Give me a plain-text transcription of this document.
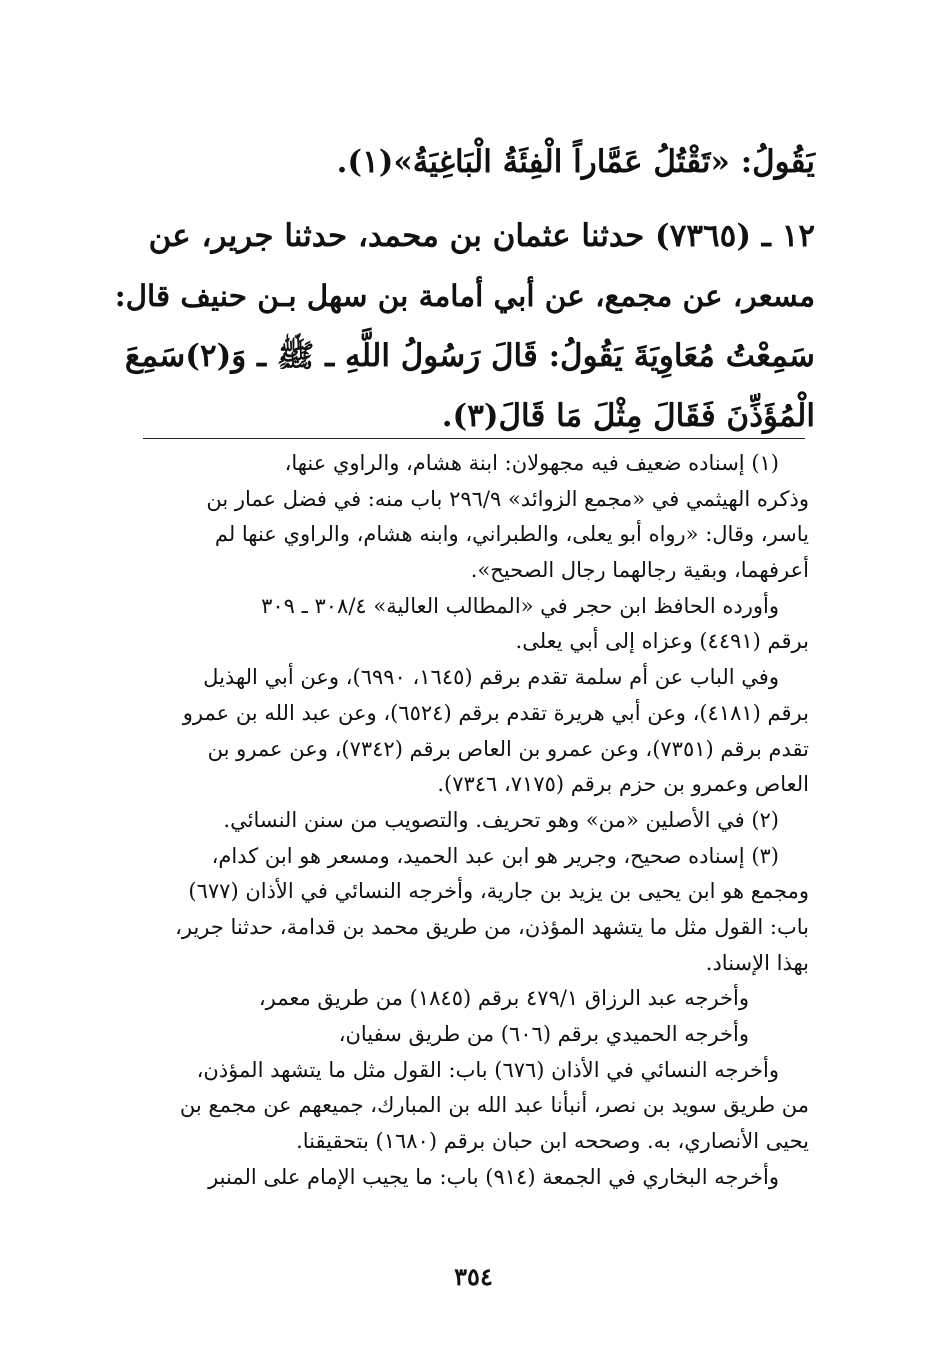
يَقُولُ: «تَقْتُلُ عَمَّاراً الْفِئَةُ الْبَاغِيَةُ»(١).

١٢ ـ (٧٣٦٥) حدثنا عثمان بن محمد، حدثنا جرير، عن

مسعر، عن مجمع، عن أبي أمامة بن سهل بـن حنيف قال:

سَمِعْتُ مُعَاوِيَةَ يَقُولُ: قَالَ رَسُولُ اللَّهِ ـ ﷺ ـ وَ(٢)سَمِعَ

الْمُؤَذِّنَ فَقَالَ مِثْلَ مَا قَالَ(٣).

(١) إسناده ضعيف فيه مجهولان: ابنة هشام، والراوي عنها،

وذكره الهيثمي في «مجمع الزوائد» ٢٩٦/٩ باب منه: في فضل عمار بن

ياسر، وقال: «رواه أبو يعلى، والطبراني، وابنه هشام، والراوي عنها لم

أعرفهما، وبقية رجالهما رجال الصحيح».

وأورده الحافظ ابن حجر في «المطالب العالية» ٣٠٨/٤ ـ ٣٠٩

برقم (٤٤٩١) وعزاه إلى أبي يعلى.

وفي الباب عن أم سلمة تقدم برقم (١٦٤٥، ٦٩٩٠)، وعن أبي الهذيل

برقم (٤١٨١)، وعن أبي هريرة تقدم برقم (٦٥٢٤)، وعن عبد الله بن عمرو

تقدم برقم (٧٣٥١)، وعن عمرو بن العاص برقم (٧٣٤٢)، وعن عمرو بن

العاص وعمرو بن حزم برقم (٧١٧٥، ٧٣٤٦).

(٢) في الأصلين «من» وهو تحريف. والتصويب من سنن النسائي.

(٣) إسناده صحيح، وجرير هو ابن عبد الحميد، ومسعر هو ابن كدام،

ومجمع هو ابن يحيى بن يزيد بن جارية، وأخرجه النسائي في الأذان (٦٧٧)

باب: القول مثل ما يتشهد المؤذن، من طريق محمد بن قدامة، حدثنا جرير،

بهذا الإسناد.

وأخرجه عبد الرزاق ٤٧٩/١ برقم (١٨٤٥) من طريق معمر،

وأخرجه الحميدي برقم (٦٠٦) من طريق سفيان،

وأخرجه النسائي في الأذان (٦٧٦) باب: القول مثل ما يتشهد المؤذن،

من طريق سويد بن نصر، أنبأنا عبد الله بن المبارك، جميعهم عن مجمع بن

يحيى الأنصاري، به. وصححه ابن حبان برقم (١٦٨٠) بتحقيقنا.

وأخرجه البخاري في الجمعة (٩١٤) باب: ما يجيب الإمام على المنبر

٣٥٤
